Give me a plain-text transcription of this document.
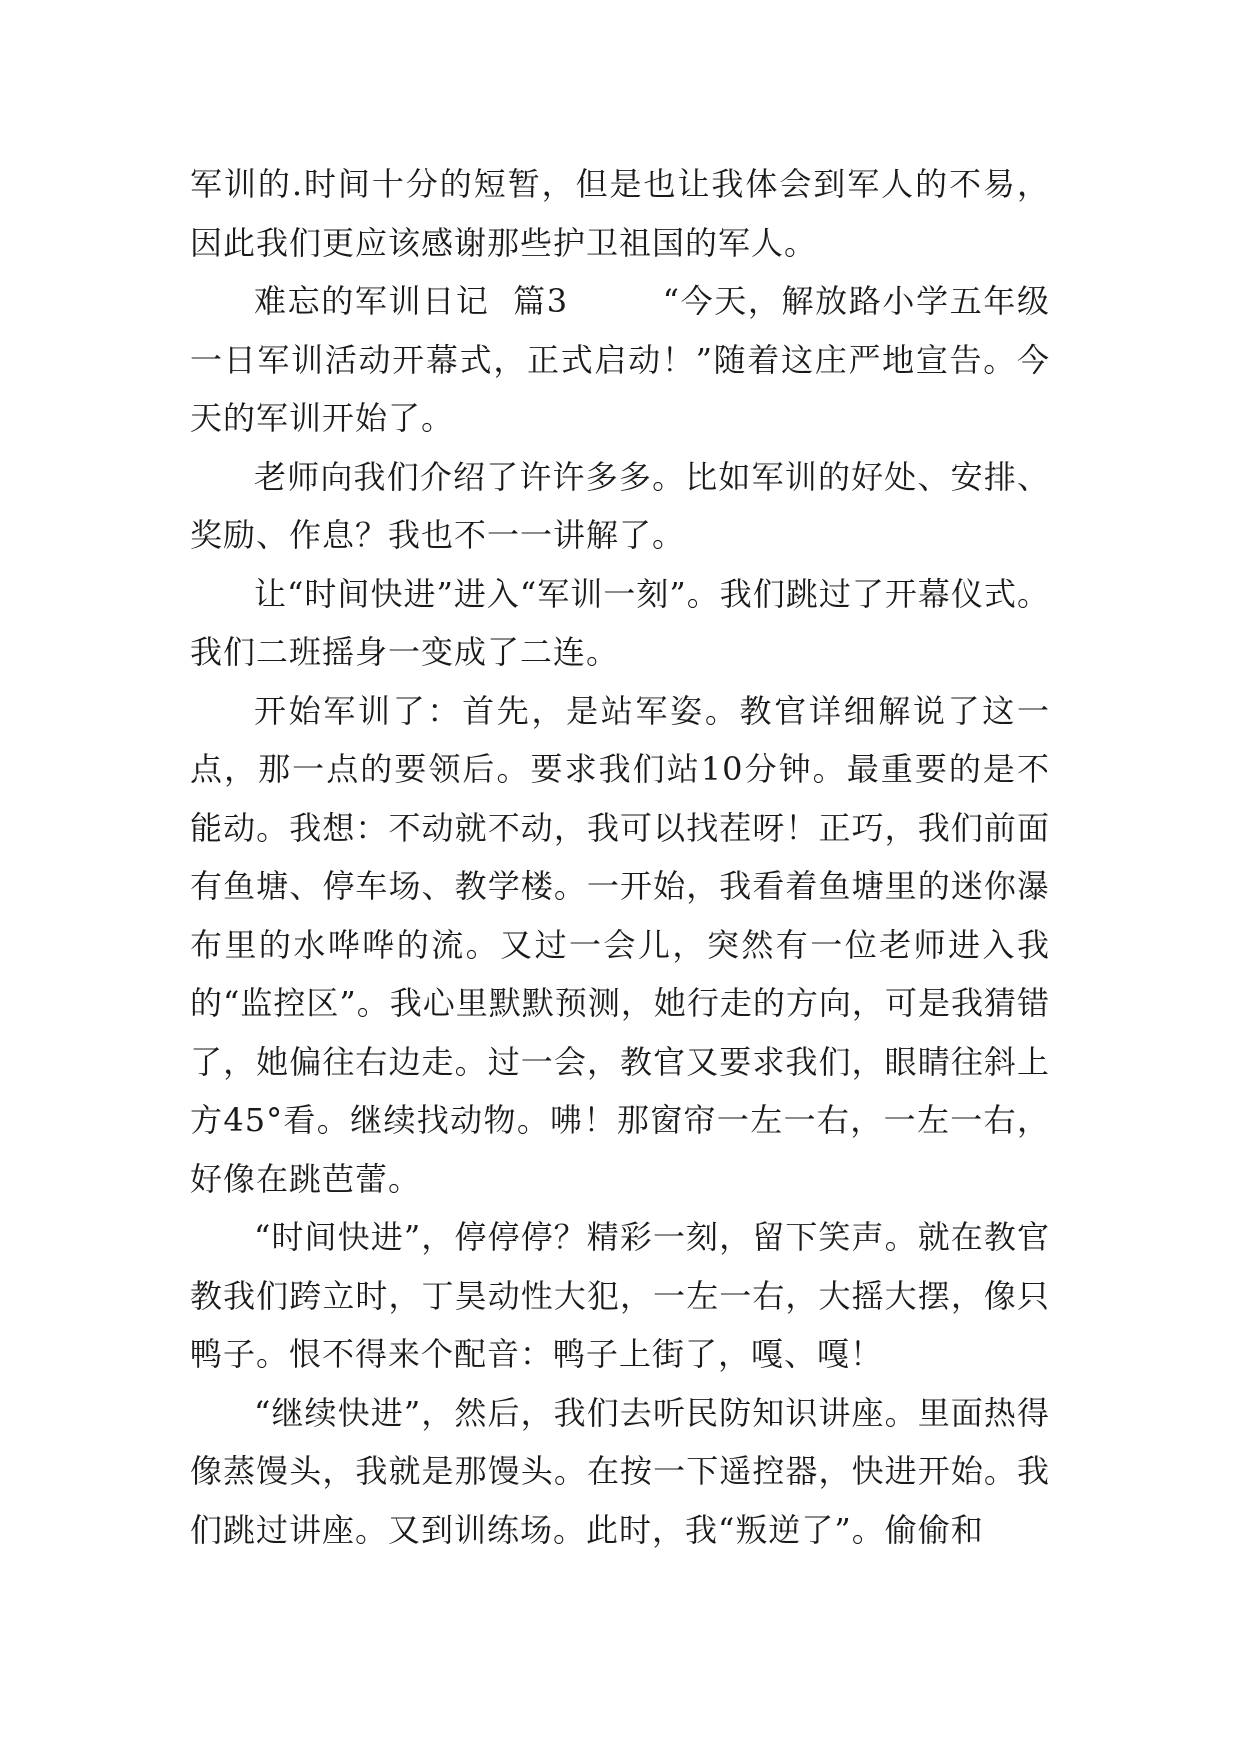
军训的.时间十分的短暂，但是也让我体会到军人的不易，因此我们更应该感谢那些护卫祖国的军人。

难忘的军训日记  篇3        “今天，解放路小学五年级一日军训活动开幕式，正式启动！”随着这庄严地宣告。今天的军训开始了。

老师向我们介绍了许许多多。比如军训的好处、安排、奖励、作息？我也不一一讲解了。

让“时间快进”进入“军训一刻”。我们跳过了开幕仪式。我们二班摇身一变成了二连。

开始军训了：首先，是站军姿。教官详细解说了这一点，那一点的要领后。要求我们站10分钟。最重要的是不能动。我想：不动就不动，我可以找茬呀！正巧，我们前面有鱼塘、停车场、教学楼。一开始，我看着鱼塘里的迷你瀑布里的水哗哗的流。又过一会儿，突然有一位老师进入我的“监控区”。我心里默默预测，她行走的方向，可是我猜错了，她偏往右边走。过一会，教官又要求我们，眼睛往斜上方45°看。继续找动物。咈！那窗帘一左一右，一左一右，好像在跳芭蕾。

“时间快进”，停停停？精彩一刻，留下笑声。就在教官教我们跨立时，丁昊动性大犯，一左一右，大摇大摆，像只鸭子。恨不得来个配音：鸭子上街了，嘎、嘎！

“继续快进”，然后，我们去听民防知识讲座。里面热得像蒸馒头，我就是那馒头。在按一下遥控器，快进开始。我们跳过讲座。又到训练场。此时，我“叛逆了”。偷偷和
